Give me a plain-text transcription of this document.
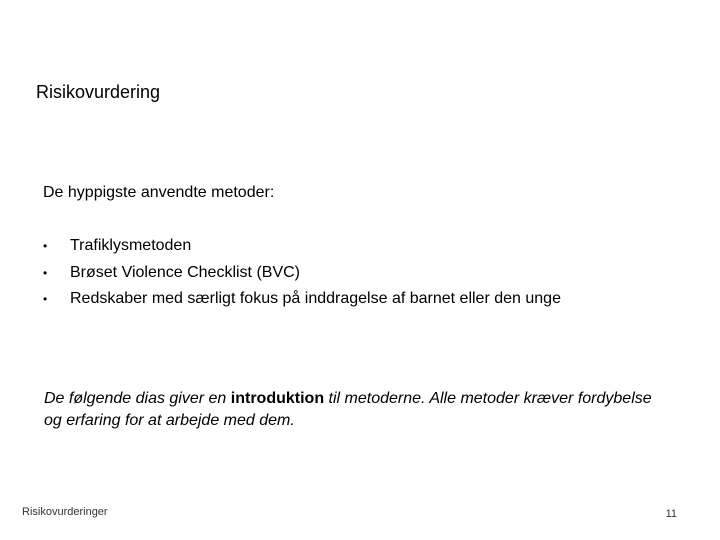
Risikovurdering

De hyppigste anvendte metoder:

•	Trafiklysmetoden
•	Brøset Violence Checklist (BVC)
•	Redskaber med særligt fokus på inddragelse af barnet eller den unge

De følgende dias giver en introduktion til metoderne. Alle metoder kræver fordybelse og erfaring for at arbejde med dem.

Risikovurderinger	11
